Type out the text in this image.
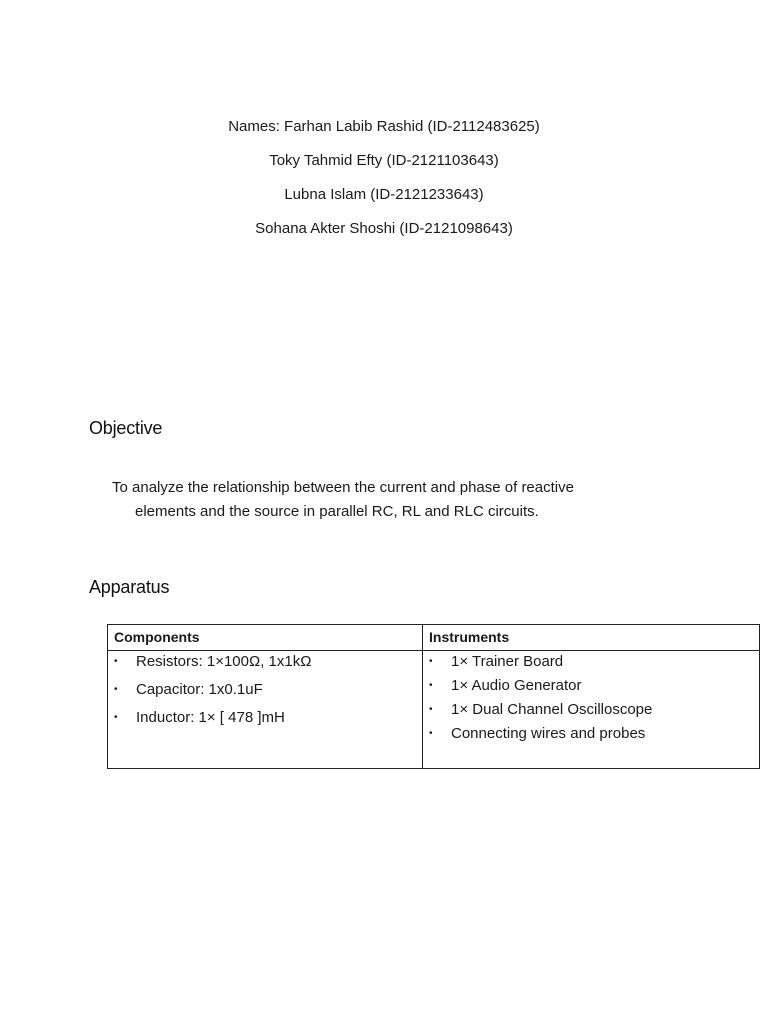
Names: Farhan Labib Rashid (ID-2112483625)
Toky Tahmid Efty (ID-2121103643)
Lubna Islam (ID-2121233643)
Sohana Akter Shoshi (ID-2121098643)
Objective
To analyze the relationship between the current and phase of reactive
elements and the source in parallel RC, RL and RLC circuits.
Apparatus
Components	Instruments
• Resistors: 1×100Ω, 1x1kΩ
• Capacitor: 1x0.1uF
• Inductor: 1× [ 478 ]mH
• 1× Trainer Board
• 1× Audio Generator
• 1× Dual Channel Oscilloscope
• Connecting wires and probes
